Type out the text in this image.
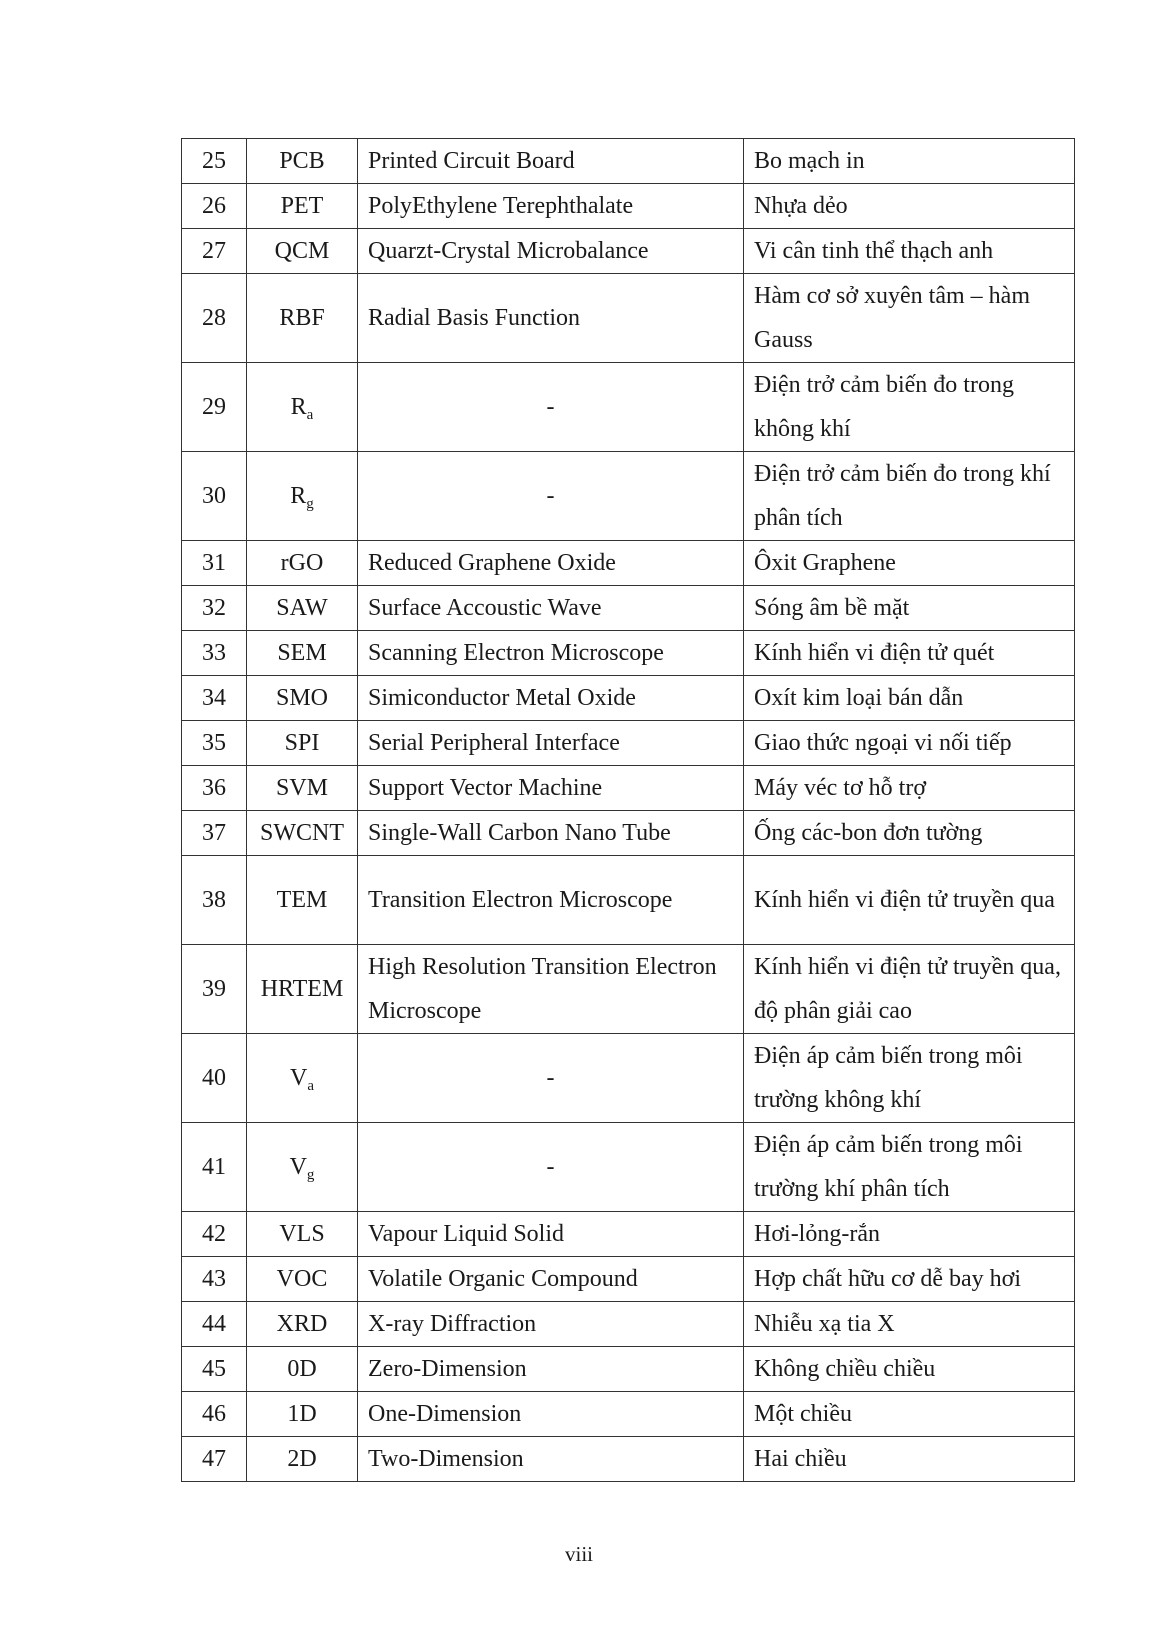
25	PCB	Printed Circuit Board	Bo mạch in
26	PET	PolyEthylene Terephthalate	Nhựa dẻo
27	QCM	Quarzt-Crystal Microbalance	Vi cân tinh thể thạch anh
28	RBF	Radial Basis Function	Hàm cơ sở xuyên tâm – hàm Gauss
29	$R_a$	-	Điện trở cảm biến đo trong không khí
30	$R_g$	-	Điện trở cảm biến đo trong khí phân tích
31	rGO	Reduced Graphene Oxide	Ôxit Graphene
32	SAW	Surface Accoustic Wave	Sóng âm bề mặt
33	SEM	Scanning Electron Microscope	Kính hiển vi điện tử quét
34	SMO	Simiconductor Metal Oxide	Oxít kim loại bán dẫn
35	SPI	Serial Peripheral Interface	Giao thức ngoại vi nối tiếp
36	SVM	Support Vector Machine	Máy véc tơ hỗ trợ
37	SWCNT	Single-Wall Carbon Nano Tube	Ống các-bon đơn tường
38	TEM	Transition Electron Microscope	Kính hiển vi điện tử truyền qua
39	HRTEM	High Resolution Transition Electron Microscope	Kính hiển vi điện tử truyền qua, độ phân giải cao
40	$V_a$	-	Điện áp cảm biến trong môi trường không khí
41	$V_g$	-	Điện áp cảm biến trong môi trường khí phân tích
42	VLS	Vapour Liquid Solid	Hơi-lỏng-rắn
43	VOC	Volatile Organic Compound	Hợp chất hữu cơ dễ bay hơi
44	XRD	X-ray Diffraction	Nhiễu xạ tia X
45	0D	Zero-Dimension	Không chiều chiều
46	1D	One-Dimension	Một chiều
47	2D	Two-Dimension	Hai chiều
viii
